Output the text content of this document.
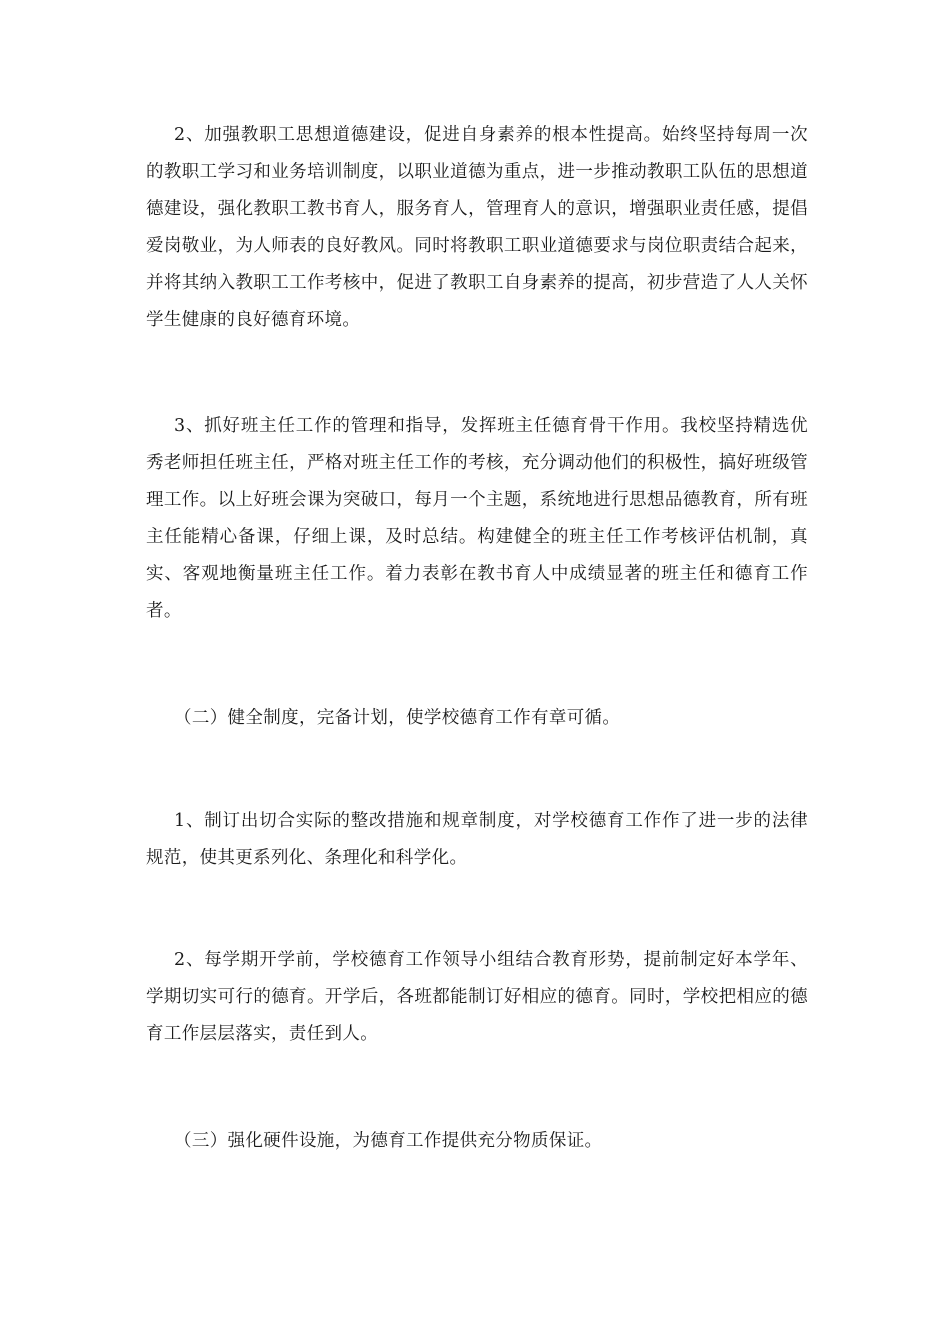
2、加强教职工思想道德建设，促进自身素养的根本性提高。始终坚持每周一次的教职工学习和业务培训制度，以职业道德为重点，进一步推动教职工队伍的思想道德建设，强化教职工教书育人，服务育人，管理育人的意识，增强职业责任感，提倡爱岗敬业，为人师表的良好教风。同时将教职工职业道德要求与岗位职责结合起来，并将其纳入教职工工作考核中，促进了教职工自身素养的提高，初步营造了人人关怀学生健康的良好德育环境。

3、抓好班主任工作的管理和指导，发挥班主任德育骨干作用。我校坚持精选优秀老师担任班主任，严格对班主任工作的考核，充分调动他们的积极性，搞好班级管理工作。以上好班会课为突破口，每月一个主题，系统地进行思想品德教育，所有班主任能精心备课，仔细上课，及时总结。构建健全的班主任工作考核评估机制，真实、客观地衡量班主任工作。着力表彰在教书育人中成绩显著的班主任和德育工作者。

（二）健全制度，完备计划，使学校德育工作有章可循。

1、制订出切合实际的整改措施和规章制度，对学校德育工作作了进一步的法律规范，使其更系列化、条理化和科学化。

2、每学期开学前，学校德育工作领导小组结合教育形势，提前制定好本学年、学期切实可行的德育。开学后，各班都能制订好相应的德育。同时，学校把相应的德育工作层层落实，责任到人。

（三）强化硬件设施，为德育工作提供充分物质保证。
